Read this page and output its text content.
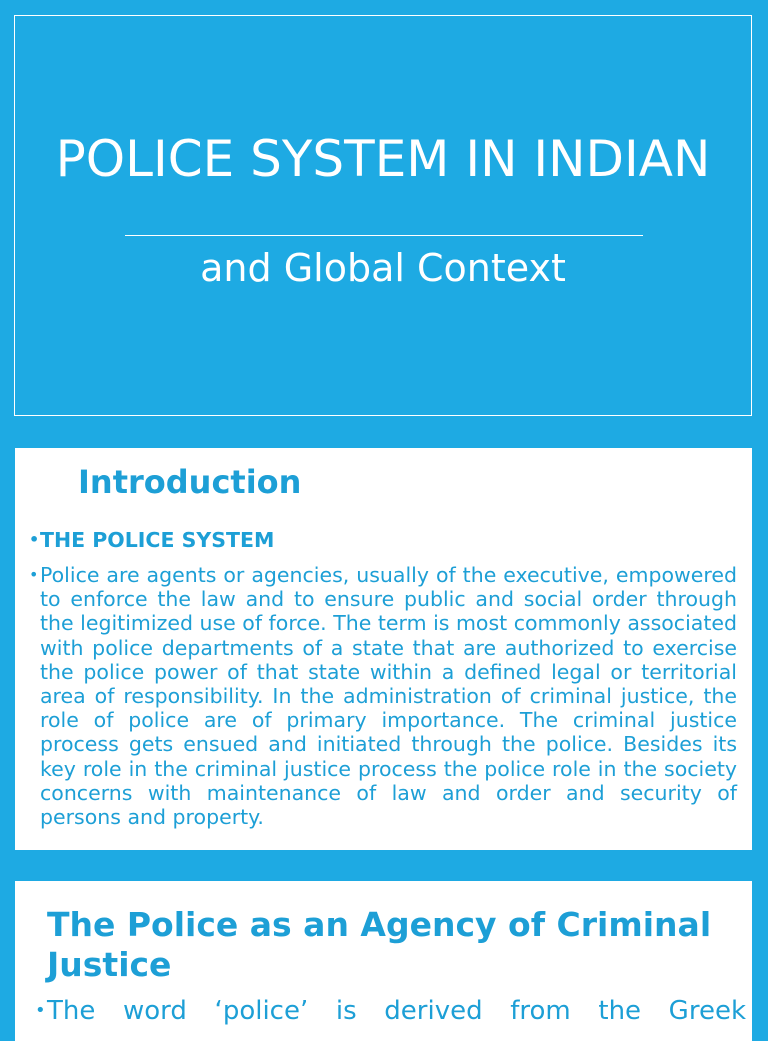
POLICE SYSTEM IN INDIAN
and Global Context
Introduction
• THE POLICE SYSTEM
• Police are agents or agencies, usually of the executive, empowered to enforce the law and to ensure public and social order through the legitimized use of force. The term is most commonly associated with police departments of a state that are authorized to exercise the police power of that state within a defined legal or territorial area of responsibility. In the administration of criminal justice, the role of police are of primary importance. The criminal justice process gets ensued and initiated through the police. Besides its key role in the criminal justice process the police role in the society concerns with maintenance of law and order and security of persons and property.
The Police as an Agency of Criminal Justice
• The word ‘police’ is derived from the Greek
